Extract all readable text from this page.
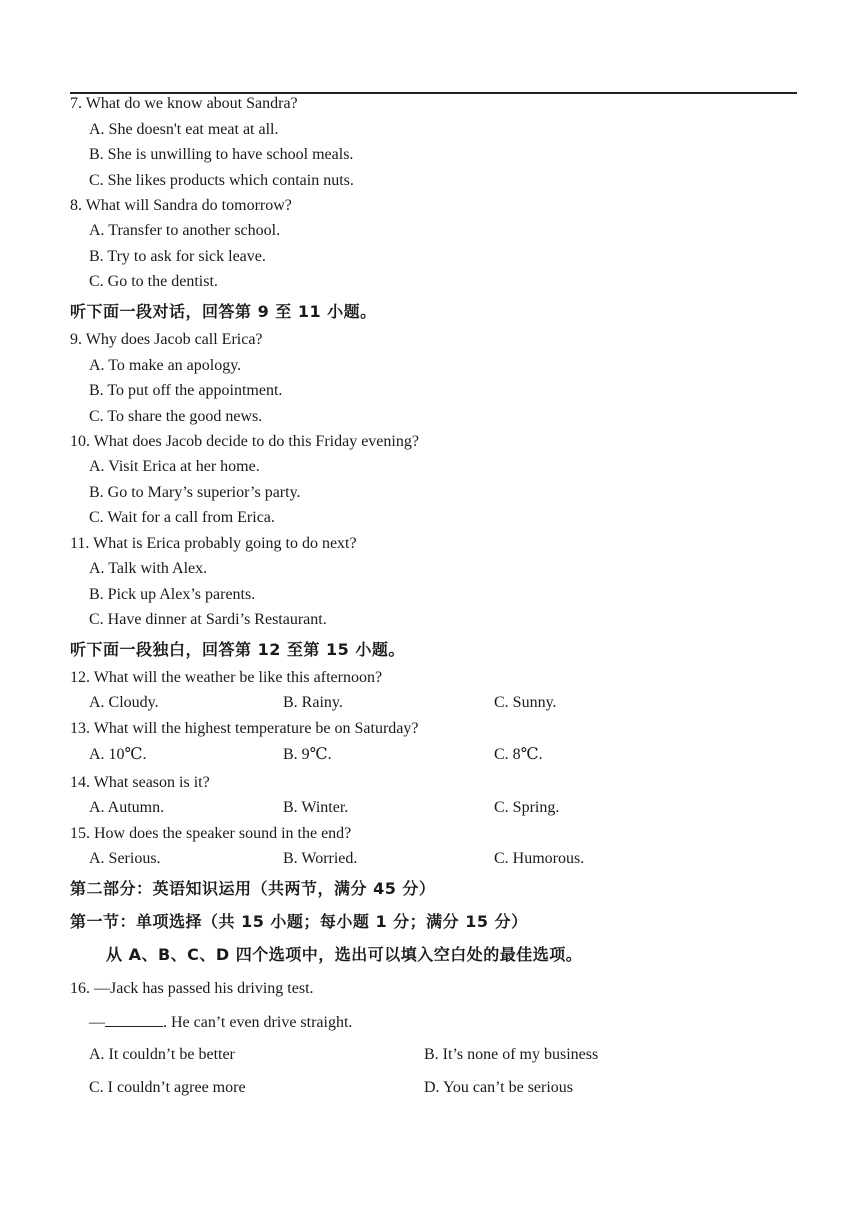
7. What do we know about Sandra?
A. She doesn't eat meat at all.
B. She is unwilling to have school meals.
C. She likes products which contain nuts.
8. What will Sandra do tomorrow?
A. Transfer to another school.
B. Try to ask for sick leave.
C. Go to the dentist.
听下面一段对话，回答第 9 至 11 小题。
9. Why does Jacob call Erica?
A. To make an apology.
B. To put off the appointment.
C. To share the good news.
10. What does Jacob decide to do this Friday evening?
A. Visit Erica at her home.
B. Go to Mary’s superior’s party.
C. Wait for a call from Erica.
11. What is Erica probably going to do next?
A. Talk with Alex.
B. Pick up Alex’s parents.
C. Have dinner at Sardi’s Restaurant.
听下面一段独白，回答第 12 至第 15 小题。
12. What will the weather be like this afternoon?
A. Cloudy.	B. Rainy.	C. Sunny.
13. What will the highest temperature be on Saturday?
A. 10℃.	B. 9℃.	C. 8℃.
14. What season is it?
A. Autumn.	B. Winter.	C. Spring.
15. How does the speaker sound in the end?
A. Serious.	B. Worried.	C. Humorous.
第二部分：英语知识运用（共两节，满分 45 分）
第一节：单项选择（共 15 小题；每小题 1 分；满分 15 分）
从 A、B、C、D 四个选项中，选出可以填入空白处的最佳选项。
16. —Jack has passed his driving test.
—	. He can’t even drive straight.
A. It couldn’t be better	B. It’s none of my business
C. I couldn’t agree more	D. You can’t be serious
